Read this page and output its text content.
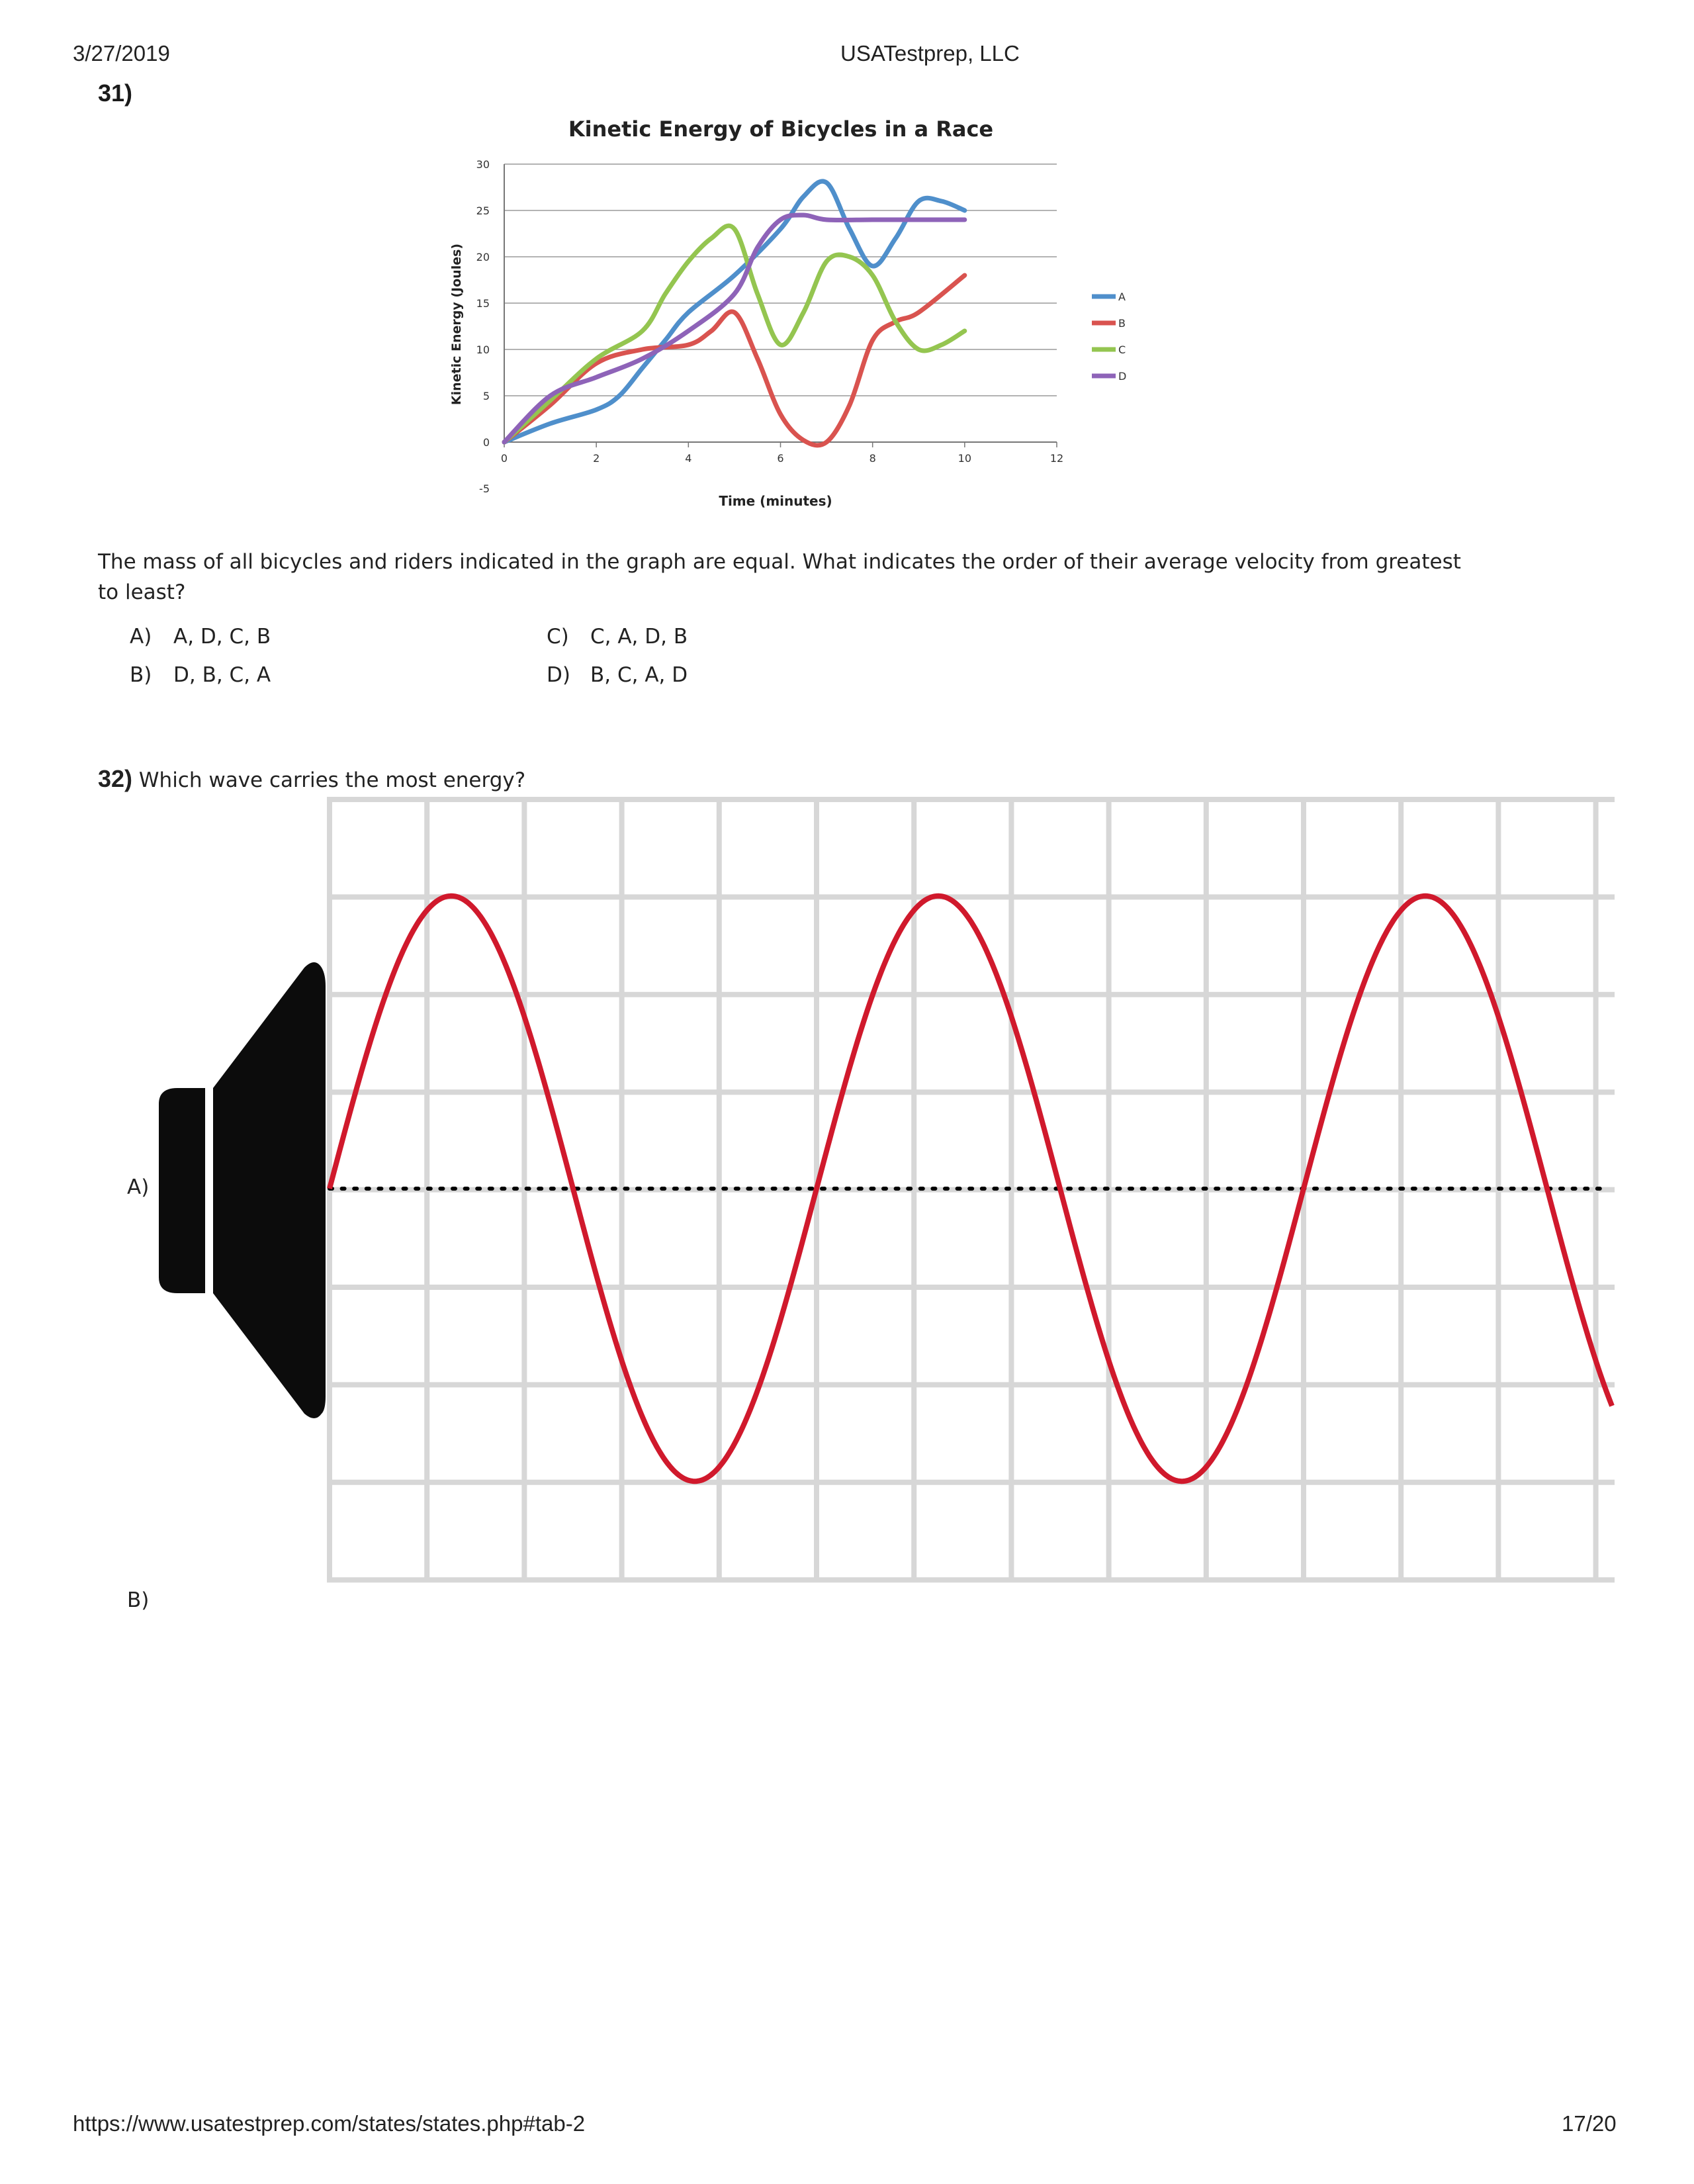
3/27/2019	USATestprep, LLC
31)
Kinetic Energy of Bicycles in a Race
Kinetic Energy (Joules)
Time (minutes)
-5
0
5
10
15
20
25
30
0	2	4	6	8	10	12
A
B
C
D
The mass of all bicycles and riders indicated in the graph are equal. What indicates the order of their average velocity from greatest to least?
A) A, D, C, B
B) D, B, C, A
C) C, A, D, B
D) B, C, A, D
32) Which wave carries the most energy?
A)
B)
https://www.usatestprep.com/states/states.php#tab-2	17/20
